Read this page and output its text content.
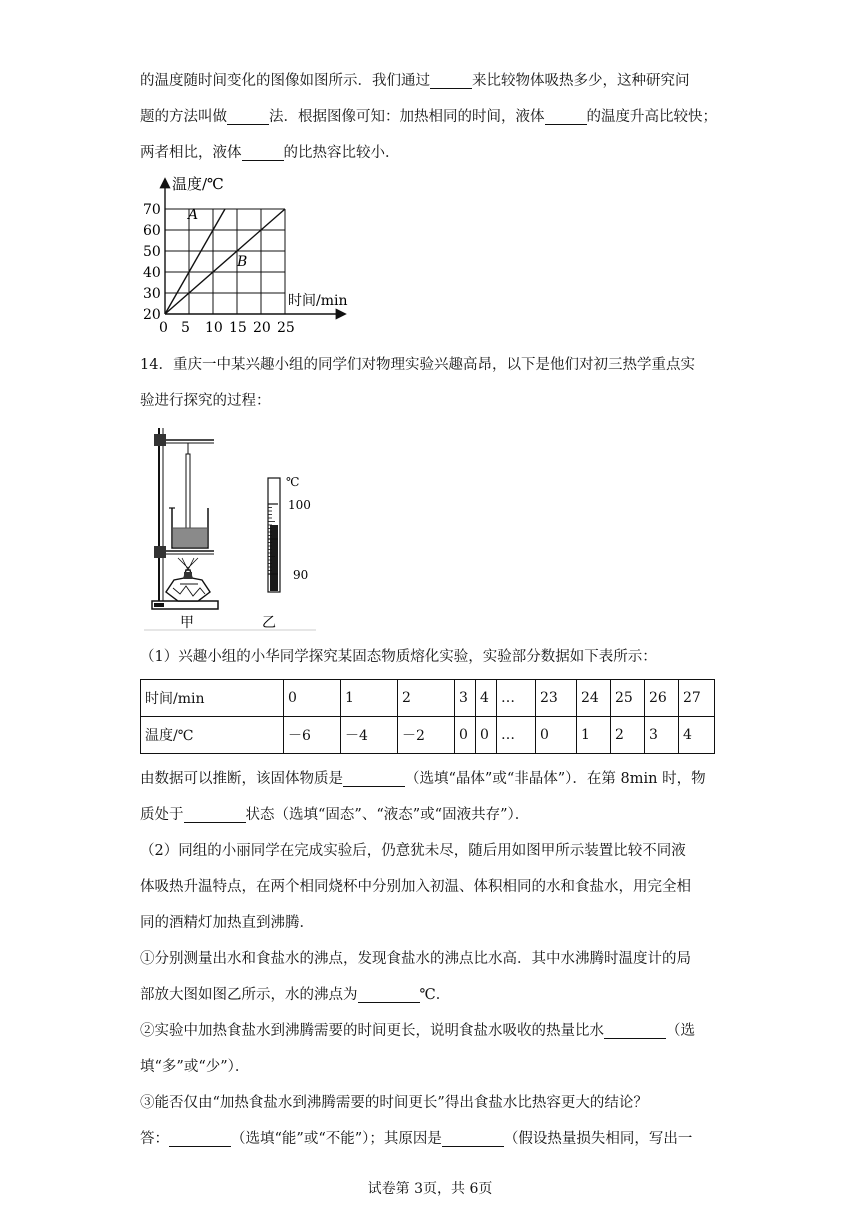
的温度随时间变化的图像如图所示．我们通过	来比较物体吸热多少，这种研究问
题的方法叫做	法．根据图像可知：加热相同的时间，液体	的温度升高比较快；
两者相比，液体	的比热容比较小．
温度/℃
时间/min
70
60
50
40
30
20
0 5 10 15 20 25
A
B
14．重庆一中某兴趣小组的同学们对物理实验兴趣高昂，以下是他们对初三热学重点实
验进行探究的过程：
℃
100
90
甲	乙
（1）兴趣小组的小华同学探究某固态物质熔化实验，实验部分数据如下表所示：
时间/min	0	1	2	3	4	…	23	24	25	26	27
温度/℃	－6	－4	－2	0	0	…	0	1	2	3	4
由数据可以推断，该固体物质是	（选填“晶体”或“非晶体”）．在第 8min 时，物
质处于	状态（选填“固态”、“液态”或“固液共存”）．
（2）同组的小丽同学在完成实验后，仍意犹未尽，随后用如图甲所示装置比较不同液
体吸热升温特点，在两个相同烧杯中分别加入初温、体积相同的水和食盐水，用完全相
同的酒精灯加热直到沸腾．
①分别测量出水和食盐水的沸点，发现食盐水的沸点比水高．其中水沸腾时温度计的局
部放大图如图乙所示，水的沸点为	℃．
②实验中加热食盐水到沸腾需要的时间更长，说明食盐水吸收的热量比水	（选
填“多”或“少”）．
③能否仅由“加热食盐水到沸腾需要的时间更长”得出食盐水比热容更大的结论？
答：	（选填“能”或“不能”）；其原因是	（假设热量损失相同，写出一
试卷第 3页，共 6页
